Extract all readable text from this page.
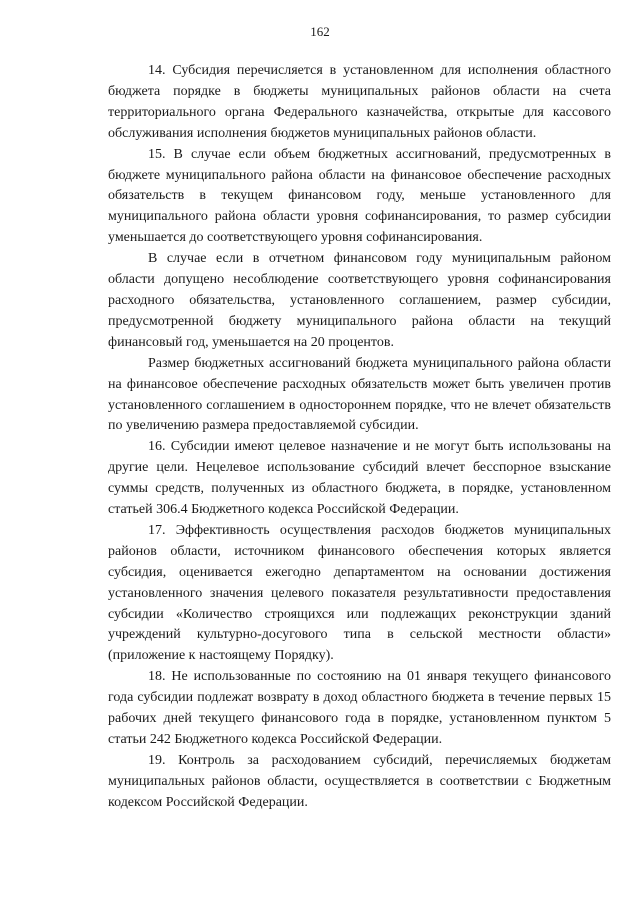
162

14. Субсидия перечисляется в установленном для исполнения областного бюджета порядке в бюджеты муниципальных районов области на счета территориального органа Федерального казначейства, открытые для кассового обслуживания исполнения бюджетов муниципальных районов области.

15. В случае если объем бюджетных ассигнований, предусмотренных в бюджете муниципального района области на финансовое обеспечение расходных обязательств в текущем финансовом году, меньше установленного для муниципального района области уровня софинансирования, то размер субсидии уменьшается до соответствующего уровня софинансирования.

В случае если в отчетном финансовом году муниципальным районом области допущено несоблюдение соответствующего уровня софинансирования расходного обязательства, установленного соглашением, размер субсидии, предусмотренной бюджету муниципального района области на текущий финансовый год, уменьшается на 20 процентов.

Размер бюджетных ассигнований бюджета муниципального района области на финансовое обеспечение расходных обязательств может быть увеличен против установленного соглашением в одностороннем порядке, что не влечет обязательств по увеличению размера предоставляемой субсидии.

16. Субсидии имеют целевое назначение и не могут быть использованы на другие цели. Нецелевое использование субсидий влечет бесспорное взыскание суммы средств, полученных из областного бюджета, в порядке, установленном статьей 306.4 Бюджетного кодекса Российской Федерации.

17. Эффективность осуществления расходов бюджетов муниципальных районов области, источником финансового обеспечения которых является субсидия, оценивается ежегодно департаментом на основании достижения установленного значения целевого показателя результативности предоставления субсидии «Количество строящихся или подлежащих реконструкции зданий учреждений культурно-досугового типа в сельской местности области» (приложение к настоящему Порядку).

18. Не использованные по состоянию на 01 января текущего финансового года субсидии подлежат возврату в доход областного бюджета в течение первых 15 рабочих дней текущего финансового года в порядке, установленном пунктом 5 статьи 242 Бюджетного кодекса Российской Федерации.

19. Контроль за расходованием субсидий, перечисляемых бюджетам муниципальных районов области, осуществляется в соответствии с Бюджетным кодексом Российской Федерации.
